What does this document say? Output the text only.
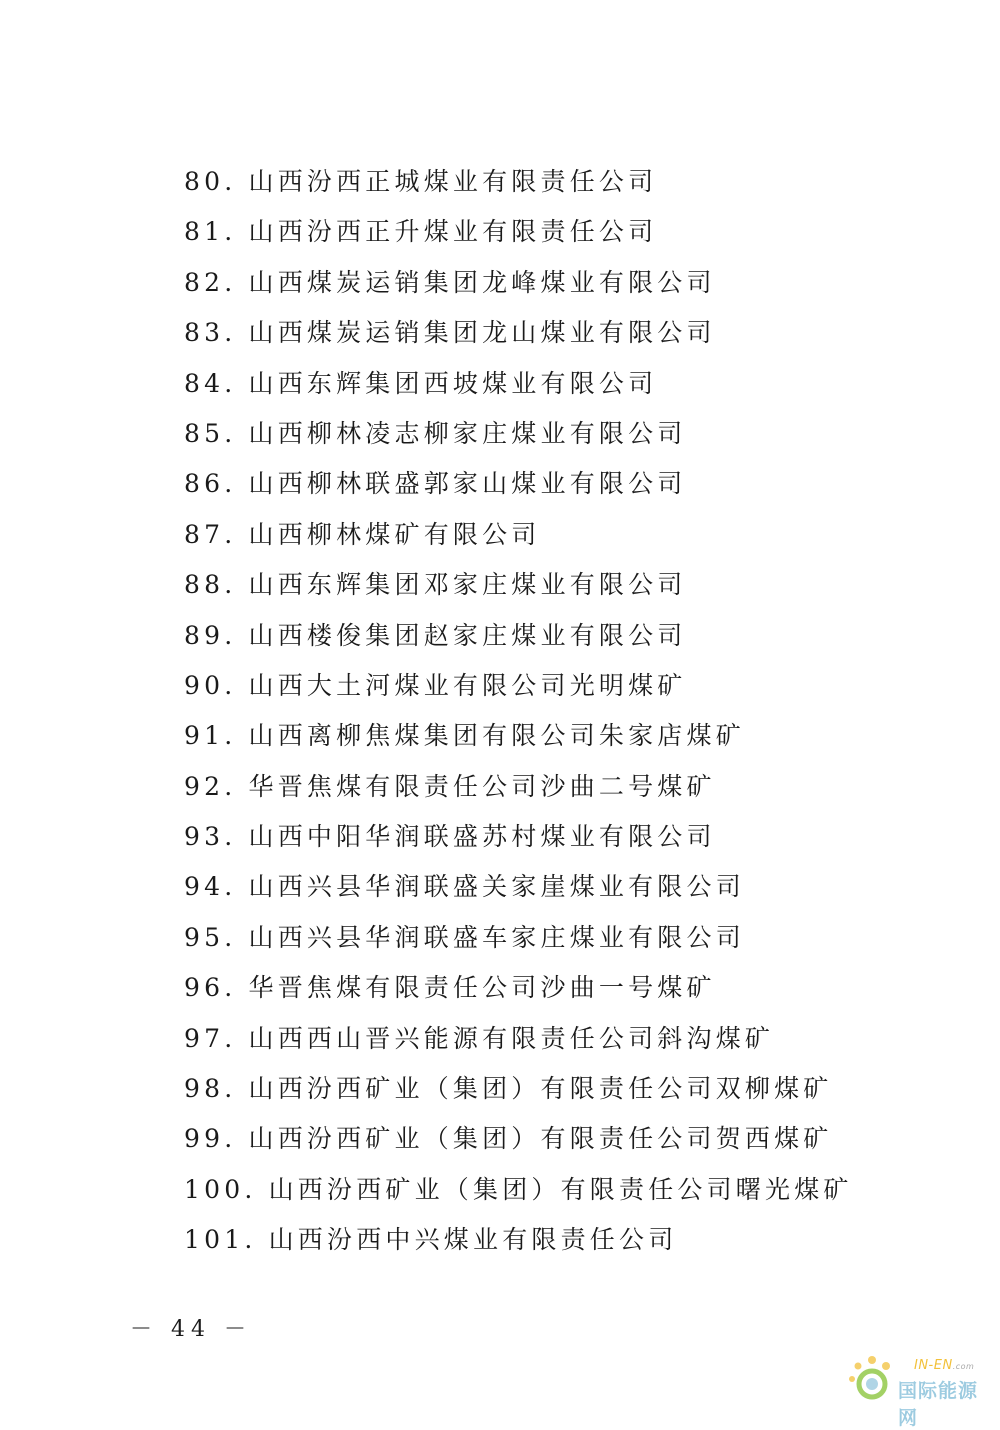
80. 山西汾西正城煤业有限责任公司
81. 山西汾西正升煤业有限责任公司
82. 山西煤炭运销集团龙峰煤业有限公司
83. 山西煤炭运销集团龙山煤业有限公司
84. 山西东辉集团西坡煤业有限公司
85. 山西柳林凌志柳家庄煤业有限公司
86. 山西柳林联盛郭家山煤业有限公司
87. 山西柳林煤矿有限公司
88. 山西东辉集团邓家庄煤业有限公司
89. 山西楼俊集团赵家庄煤业有限公司
90. 山西大土河煤业有限公司光明煤矿
91. 山西离柳焦煤集团有限公司朱家店煤矿
92. 华晋焦煤有限责任公司沙曲二号煤矿
93. 山西中阳华润联盛苏村煤业有限公司
94. 山西兴县华润联盛关家崖煤业有限公司
95. 山西兴县华润联盛车家庄煤业有限公司
96. 华晋焦煤有限责任公司沙曲一号煤矿
97. 山西西山晋兴能源有限责任公司斜沟煤矿
98. 山西汾西矿业（集团）有限责任公司双柳煤矿
99. 山西汾西矿业（集团）有限责任公司贺西煤矿
100. 山西汾西矿业（集团）有限责任公司曙光煤矿
101. 山西汾西中兴煤业有限责任公司
－ 44 －
IN-EN.com
国际能源网
